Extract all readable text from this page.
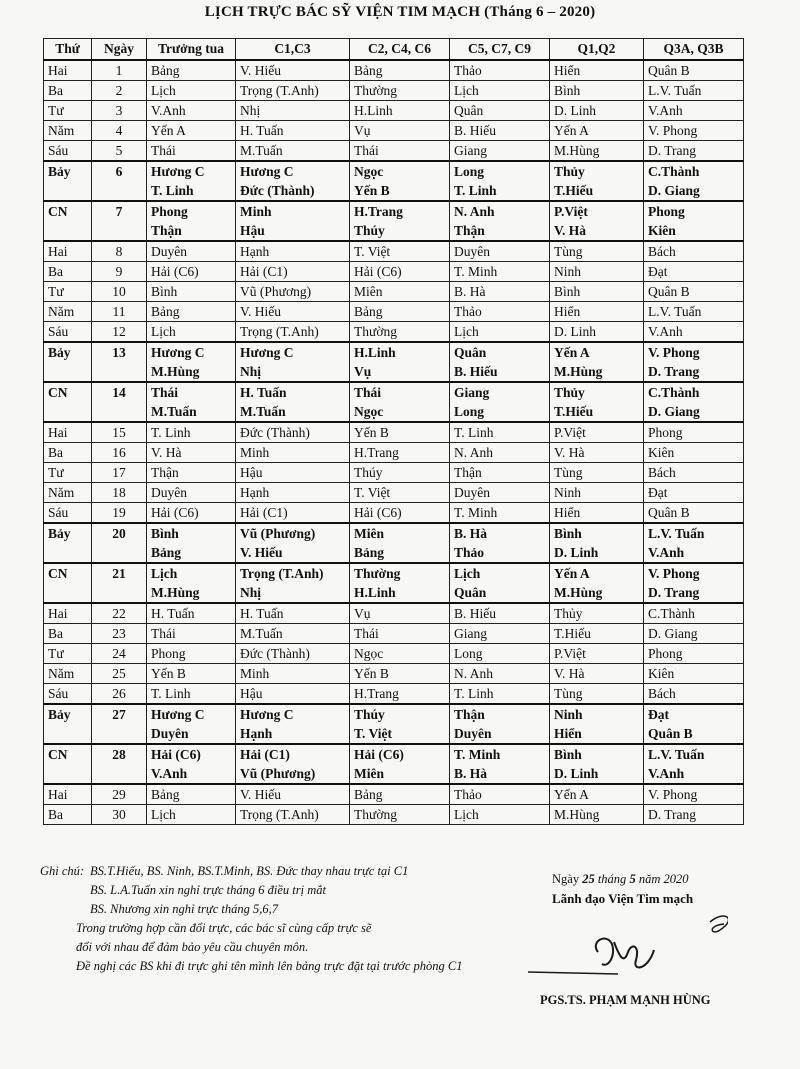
LỊCH TRỰC BÁC SỸ VIỆN TIM MẠCH (Tháng 6 – 2020)
Thứ	Ngày	Trưởng tua	C1,C3	C2, C4, C6	C5, C7, C9	Q1,Q2	Q3A, Q3B
Hai	1	Bảng	V. Hiếu	Bảng	Thảo	Hiển	Quân B
Ba	2	Lịch	Trọng (T.Anh)	Thường	Lịch	Bình	L.V. Tuấn
Tư	3	V.Anh	Nhị	H.Linh	Quân	D. Linh	V.Anh
Năm	4	Yến A	H. Tuấn	Vụ	B. Hiếu	Yến A	V. Phong
Sáu	5	Thái	M.Tuấn	Thái	Giang	M.Hùng	D. Trang
Bảy	6	Hương C	Hương C	Ngọc	Long	Thủy	C.Thành
		T. Linh	Đức (Thành)	Yến B	T. Linh	T.Hiếu	D. Giang
CN	7	Phong	Minh	H.Trang	N. Anh	P.Việt	Phong
		Thận	Hậu	Thúy	Thận	V. Hà	Kiên
Hai	8	Duyên	Hạnh	T. Việt	Duyên	Tùng	Bách
Ba	9	Hải (C6)	Hải (C1)	Hải (C6)	T. Minh	Ninh	Đạt
Tư	10	Bình	Vũ (Phương)	Miên	B. Hà	Bình	Quân B
Năm	11	Bảng	V. Hiếu	Bảng	Thảo	Hiển	L.V. Tuấn
Sáu	12	Lịch	Trọng (T.Anh)	Thường	Lịch	D. Linh	V.Anh
Bảy	13	Hương C	Hương C	H.Linh	Quân	Yến A	V. Phong
		M.Hùng	Nhị	Vụ	B. Hiếu	M.Hùng	D. Trang
CN	14	Thái	H. Tuấn	Thái	Giang	Thủy	C.Thành
		M.Tuấn	M.Tuấn	Ngọc	Long	T.Hiếu	D. Giang
Hai	15	T. Linh	Đức (Thành)	Yến B	T. Linh	P.Việt	Phong
Ba	16	V. Hà	Minh	H.Trang	N. Anh	V. Hà	Kiên
Tư	17	Thận	Hậu	Thúy	Thận	Tùng	Bách
Năm	18	Duyên	Hạnh	T. Việt	Duyên	Ninh	Đạt
Sáu	19	Hải (C6)	Hải (C1)	Hải (C6)	T. Minh	Hiển	Quân B
Bảy	20	Bình	Vũ (Phương)	Miên	B. Hà	Bình	L.V. Tuấn
		Bảng	V. Hiếu	Bảng	Thảo	D. Linh	V.Anh
CN	21	Lịch	Trọng (T.Anh)	Thường	Lịch	Yến A	V. Phong
		M.Hùng	Nhị	H.Linh	Quân	M.Hùng	D. Trang
Hai	22	H. Tuấn	H. Tuấn	Vụ	B. Hiếu	Thủy	C.Thành
Ba	23	Thái	M.Tuấn	Thái	Giang	T.Hiếu	D. Giang
Tư	24	Phong	Đức (Thành)	Ngọc	Long	P.Việt	Phong
Năm	25	Yến B	Minh	Yến B	N. Anh	V. Hà	Kiên
Sáu	26	T. Linh	Hậu	H.Trang	T. Linh	Tùng	Bách
Bảy	27	Hương C	Hương C	Thúy	Thận	Ninh	Đạt
		Duyên	Hạnh	T. Việt	Duyên	Hiển	Quân B
CN	28	Hải (C6)	Hải (C1)	Hải (C6)	T. Minh	Bình	L.V. Tuấn
		V.Anh	Vũ (Phương)	Miên	B. Hà	D. Linh	V.Anh
Hai	29	Bảng	V. Hiếu	Bảng	Thảo	Yến A	V. Phong
Ba	30	Lịch	Trọng (T.Anh)	Thường	Lịch	M.Hùng	D. Trang
Ghi chú: BS.T.Hiếu, BS. Ninh, BS.T.Minh, BS. Đức thay nhau trực tại C1
BS. L.A.Tuấn xin nghỉ trực tháng 6 điều trị mắt
BS. Nhương xin nghỉ trực tháng 5,6,7
Trong trường hợp cần đổi trực, các bác sĩ cùng cấp trực sẽ
đổi với nhau để đảm bảo yêu cầu chuyên môn.
Đề nghị các BS khi đi trực ghi tên mình lên bảng trực đặt tại trước phòng C1
Ngày 25 tháng 5 năm 2020
Lãnh đạo Viện Tim mạch
PGS.TS. PHẠM MẠNH HÙNG
